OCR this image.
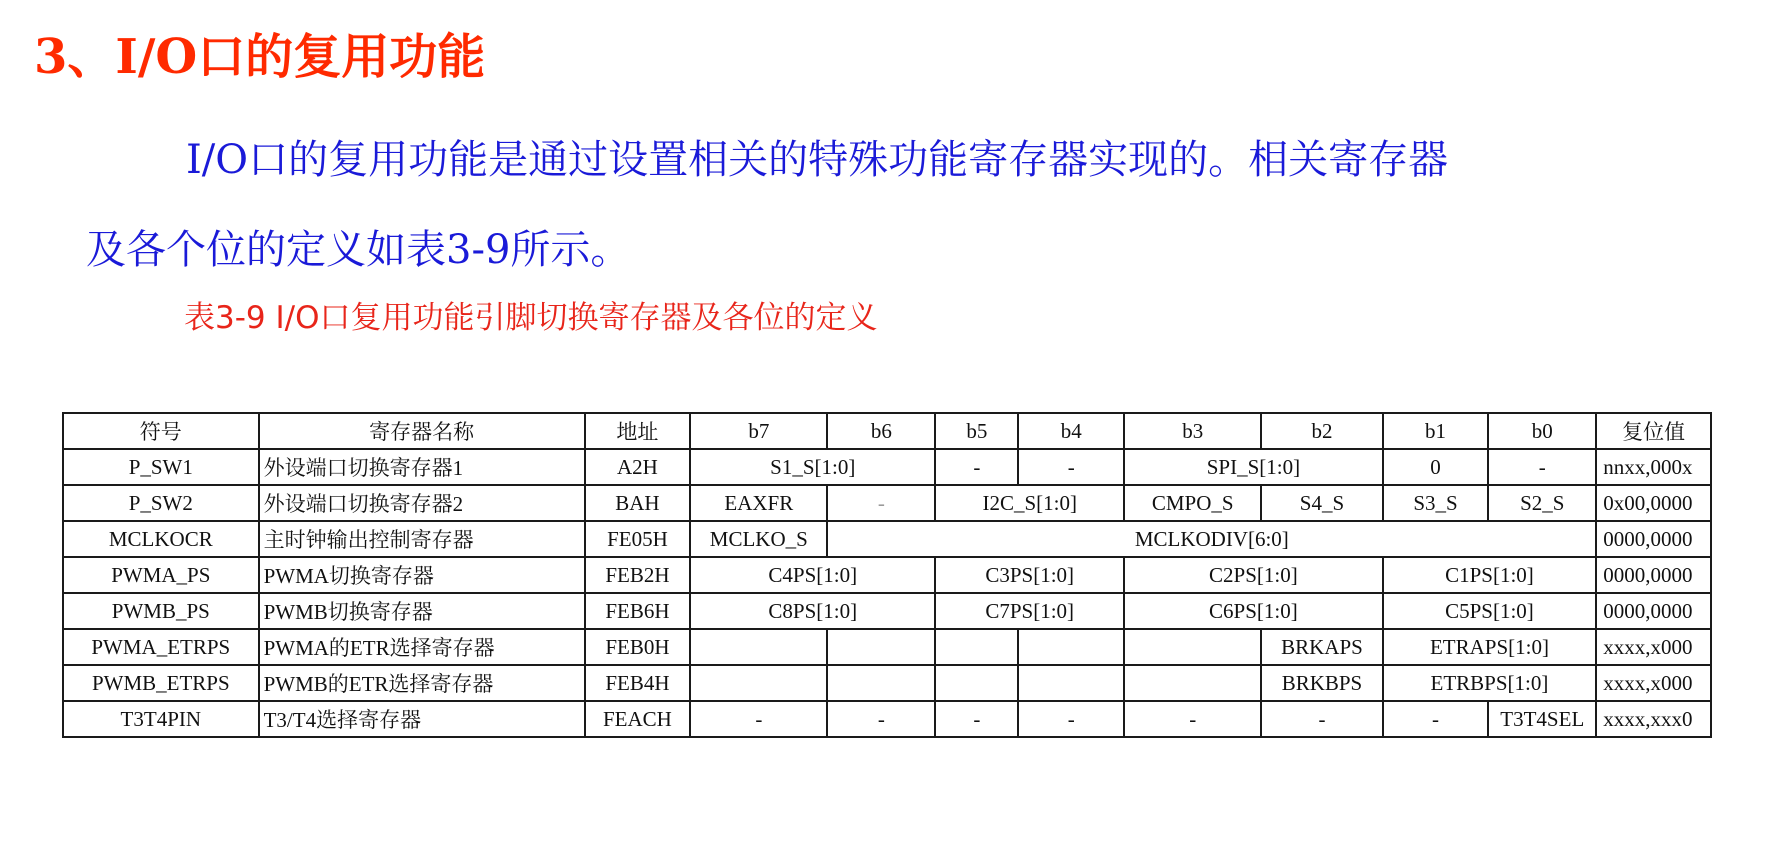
3、I/O口的复用功能
I/O口的复用功能是通过设置相关的特殊功能寄存器实现的。相关寄存器
及各个位的定义如表3-9所示。
表3-9 I/O口复用功能引脚切换寄存器及各位的定义
符号	寄存器名称	地址	b7	b6	b5	b4	b3	b2	b1	b0	复位值
P_SW1	外设端口切换寄存器1	A2H	S1_S[1:0]		-	-	SPI_S[1:0]		0	-	nnxx,000x
P_SW2	外设端口切换寄存器2	BAH	EAXFR	-	I2C_S[1:0]		CMPO_S	S4_S	S3_S	S2_S	0x00,0000
MCLKOCR	主时钟输出控制寄存器	FE05H	MCLKO_S	MCLKODIV[6:0]							0000,0000
PWMA_PS	PWMA切换寄存器	FEB2H	C4PS[1:0]		C3PS[1:0]		C2PS[1:0]		C1PS[1:0]		0000,0000
PWMB_PS	PWMB切换寄存器	FEB6H	C8PS[1:0]		C7PS[1:0]		C6PS[1:0]		C5PS[1:0]		0000,0000
PWMA_ETRPS	PWMA的ETR选择寄存器	FEB0H						BRKAPS	ETRAPS[1:0]		xxxx,x000
PWMB_ETRPS	PWMB的ETR选择寄存器	FEB4H						BRKBPS	ETRBPS[1:0]		xxxx,x000
T3T4PIN	T3/T4选择寄存器	FEACH	-	-	-	-	-	-	-	T3T4SEL	xxxx,xxx0
